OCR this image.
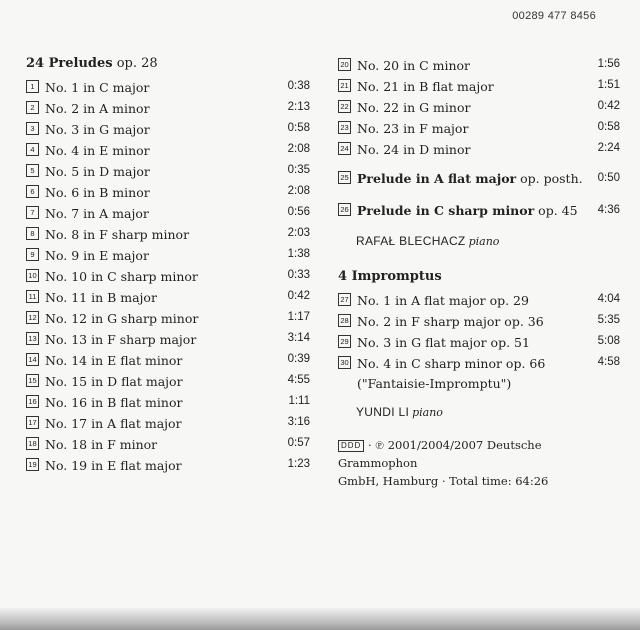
00289 477 8456
24 Preludes op. 28
1 No. 1 in C major	0:38
2 No. 2 in A minor	2:13
3 No. 3 in G major	0:58
4 No. 4 in E minor	2:08
5 No. 5 in D major	0:35
6 No. 6 in B minor	2:08
7 No. 7 in A major	0:56
8 No. 8 in F sharp minor	2:03
9 No. 9 in E major	1:38
10 No. 10 in C sharp minor	0:33
11 No. 11 in B major	0:42
12 No. 12 in G sharp minor	1:17
13 No. 13 in F sharp major	3:14
14 No. 14 in E flat minor	0:39
15 No. 15 in D flat major	4:55
16 No. 16 in B flat minor	1:11
17 No. 17 in A flat major	3:16
18 No. 18 in F minor	0:57
19 No. 19 in E flat major	1:23
20 No. 20 in C minor	1:56
21 No. 21 in B flat major	1:51
22 No. 22 in G minor	0:42
23 No. 23 in F major	0:58
24 No. 24 in D minor	2:24
25 Prelude in A flat major op. posth. 0:50
26 Prelude in C sharp minor op. 45 4:36
RAFAŁ BLECHACZ piano
4 Impromptus
27 No. 1 in A flat major op. 29	4:04
28 No. 2 in F sharp major op. 36	5:35
29 No. 3 in G flat major op. 51	5:08
30 No. 4 in C sharp minor op. 66	4:58
("Fantaisie-Impromptu")
YUNDI LI piano
DDD · ℗ 2001/2004/2007 Deutsche Grammophon
GmbH, Hamburg · Total time: 64:26
